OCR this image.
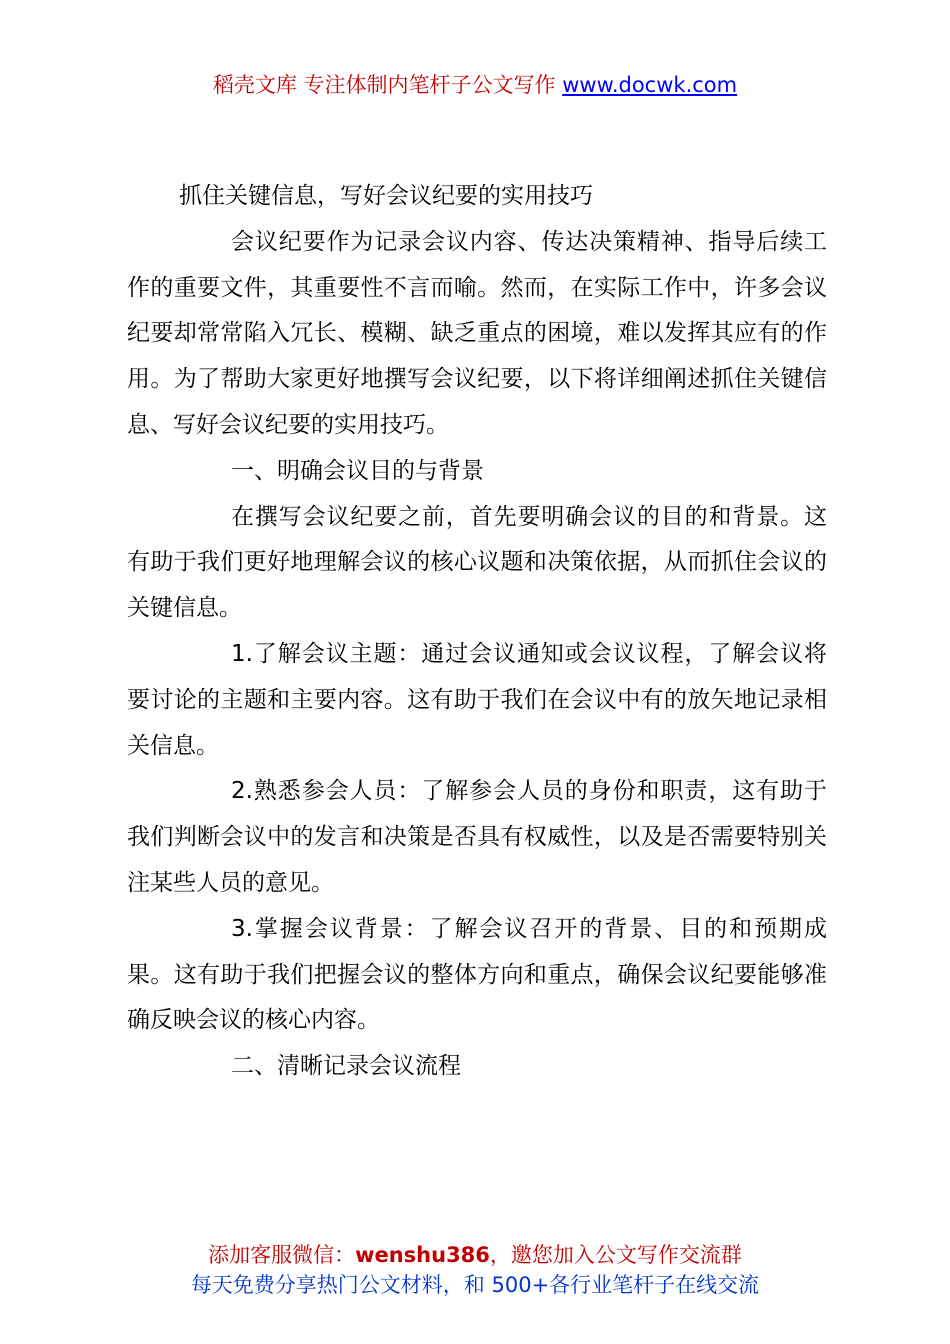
稻壳文库 专注体制内笔杆子公文写作 www.docwk.com

抓住关键信息，写好会议纪要的实用技巧

会议纪要作为记录会议内容、传达决策精神、指导后续工作的重要文件，其重要性不言而喻。然而，在实际工作中，许多会议纪要却常常陷入冗长、模糊、缺乏重点的困境，难以发挥其应有的作用。为了帮助大家更好地撰写会议纪要，以下将详细阐述抓住关键信息、写好会议纪要的实用技巧。

一、明确会议目的与背景

在撰写会议纪要之前，首先要明确会议的目的和背景。这有助于我们更好地理解会议的核心议题和决策依据，从而抓住会议的关键信息。

1.了解会议主题：通过会议通知或会议议程，了解会议将要讨论的主题和主要内容。这有助于我们在会议中有的放矢地记录相关信息。

2.熟悉参会人员：了解参会人员的身份和职责，这有助于我们判断会议中的发言和决策是否具有权威性，以及是否需要特别关注某些人员的意见。

3.掌握会议背景：了解会议召开的背景、目的和预期成果。这有助于我们把握会议的整体方向和重点，确保会议纪要能够准确反映会议的核心内容。

二、清晰记录会议流程

添加客服微信：wenshu386，邀您加入公文写作交流群
每天免费分享热门公文材料，和 500+各行业笔杆子在线交流
